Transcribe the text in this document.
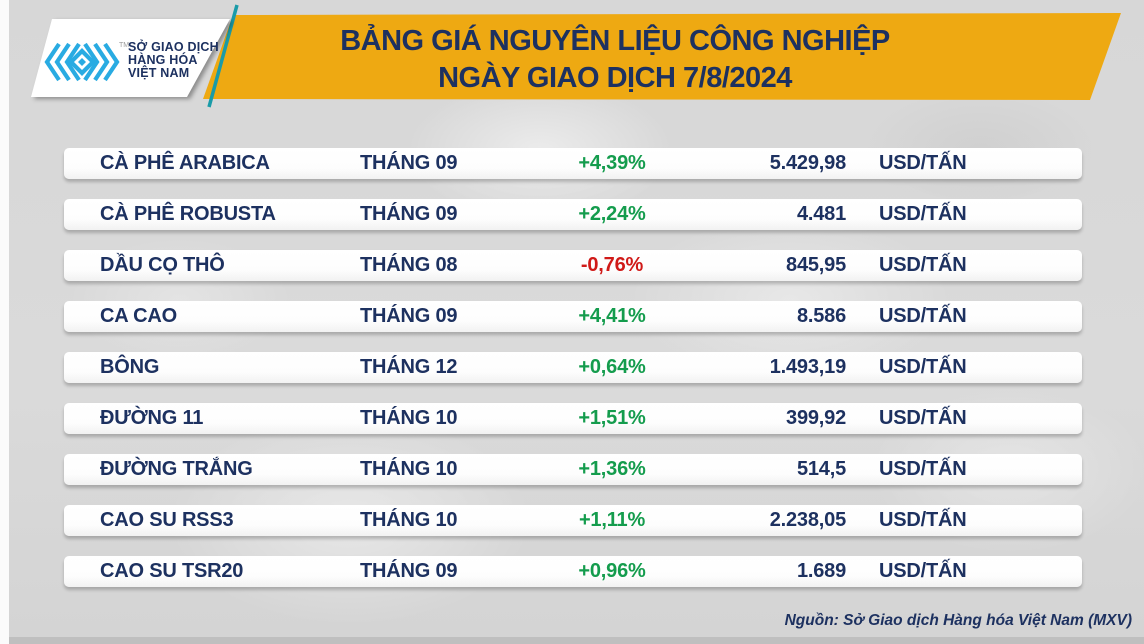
TM
SỞ GIAO DỊCH
HÀNG HÓA
VIỆT NAM
BẢNG GIÁ NGUYÊN LIỆU CÔNG NGHIỆP
NGÀY GIAO DỊCH 7/8/2024
CÀ PHÊ ARABICA	THÁNG 09	+4,39%	5.429,98	USD/TẤN
CÀ PHÊ ROBUSTA	THÁNG 09	+2,24%	4.481	USD/TẤN
DẦU CỌ THÔ	THÁNG 08	-0,76%	845,95	USD/TẤN
CA CAO	THÁNG 09	+4,41%	8.586	USD/TẤN
BÔNG	THÁNG 12	+0,64%	1.493,19	USD/TẤN
ĐƯỜNG 11	THÁNG 10	+1,51%	399,92	USD/TẤN
ĐƯỜNG TRẮNG	THÁNG 10	+1,36%	514,5	USD/TẤN
CAO SU RSS3	THÁNG 10	+1,11%	2.238,05	USD/TẤN
CAO SU TSR20	THÁNG 09	+0,96%	1.689	USD/TẤN
Nguồn: Sở Giao dịch Hàng hóa Việt Nam (MXV)
